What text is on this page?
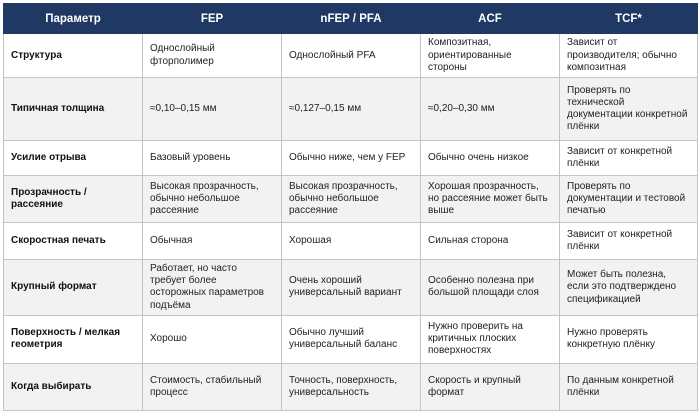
Параметр	FEP	nFEP / PFA	ACF	TCF*
Структура	Однослойный фторполимер	Однослойный PFA	Композитная, ориентированные стороны	Зависит от производителя; обычно композитная
Типичная толщина	≈0,10–0,15 мм	≈0,127–0,15 мм	≈0,20–0,30 мм	Проверять по технической документации конкретной плёнки
Усилие отрыва	Базовый уровень	Обычно ниже, чем у FEP	Обычно очень низкое	Зависит от конкретной плёнки
Прозрачность / рассеяние	Высокая прозрачность, обычно небольшое рассеяние	Высокая прозрачность, обычно небольшое рассеяние	Хорошая прозрачность, но рассеяние может быть выше	Проверять по документации и тестовой печатью
Скоростная печать	Обычная	Хорошая	Сильная сторона	Зависит от конкретной плёнки
Крупный формат	Работает, но часто требует более осторожных параметров подъёма	Очень хороший универсальный вариант	Особенно полезна при большой площади слоя	Может быть полезна, если это подтверждено спецификацией
Поверхность / мелкая геометрия	Хорошо	Обычно лучший универсальный баланс	Нужно проверить на критичных плоских поверхностях	Нужно проверять конкретную плёнку
Когда выбирать	Стоимость, стабильный процесс	Точность, поверхность, универсальность	Скорость и крупный формат	По данным конкретной плёнки
